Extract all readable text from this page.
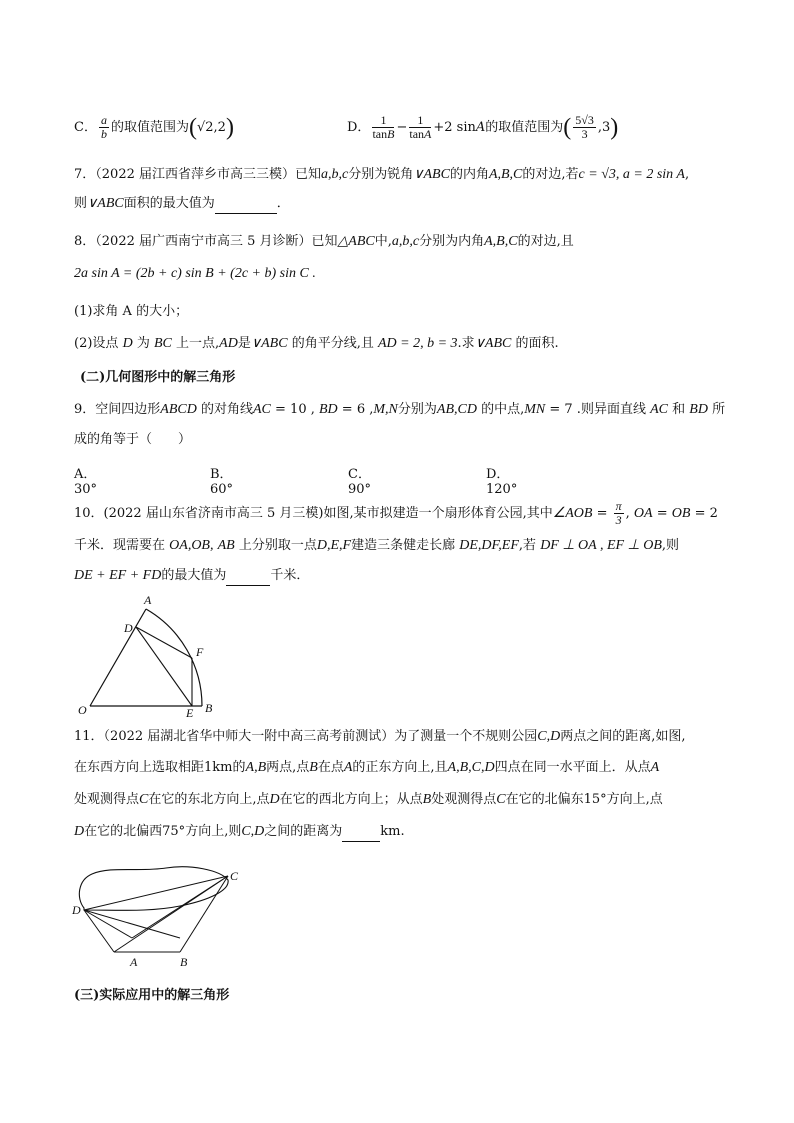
C． $\frac{a}{b}$ 的取值范围为(√2,2)	D． $\frac{1}{\tan B} - \frac{1}{\tan A} +2$ sinA的取值范围为( $\frac{5√3}{3} ,3$)
7．（2022 届江西省萍乡市高三三模）已知a,b,c分别为锐角∨ABC的内角A,B,C的对边,若c = √3, a = 2 sin A,
则∨ABC面积的最大值为	．
8．（2022 届广西南宁市高三 5 月诊断）已知△ABC中,a,b,c分别为内角A,B,C的对边,且
2a sin A = (2b + c) sin B + (2c + b) sin C .
(1)求角 A 的大小；
(2)设点 D 为 BC 上一点,AD是∨ABC 的角平分线,且 AD = 2, b = 3.求∨ABC 的面积.
(二)几何图形中的解三角形
9．空间四边形ABCD 的对角线AC = 10 , BD = 6 ,M,N分别为AB,CD 的中点,MN = 7 .则异面直线 AC 和 BD 所
成的角等于（　　）
A．30°
B．60°
C．90°
D．120°
10．(2022 届山东省济南市高三 5 月三模)如图,某市拟建造一个扇形体育公园,其中∠AOB = $\frac{\pi}{3}$ , OA = OB = 2
千米．现需要在 OA,OB, AB 上分别取一点D,E,F建造三条健走长廊 DE,DF,EF,若 DF ⊥ OA , EF ⊥ OB,则
DE + EF + FD的最大值为	千米．
A
D
F
O	E B
11．（2022 届湖北省华中师大一附中高三高考前测试）为了测量一个不规则公园C,D两点之间的距离,如图,
在东西方向上选取相距1km的A,B两点,点B在点A的正东方向上,且A,B,C,D四点在同一水平面上．从点A
处观测得点C在它的东北方向上,点D在它的西北方向上；从点B处观测得点C在它的北偏东15°方向上,点
D在它的北偏西75°方向上,则C,D之间的距离为	km.
C
D
A	B
(三)实际应用中的解三角形
